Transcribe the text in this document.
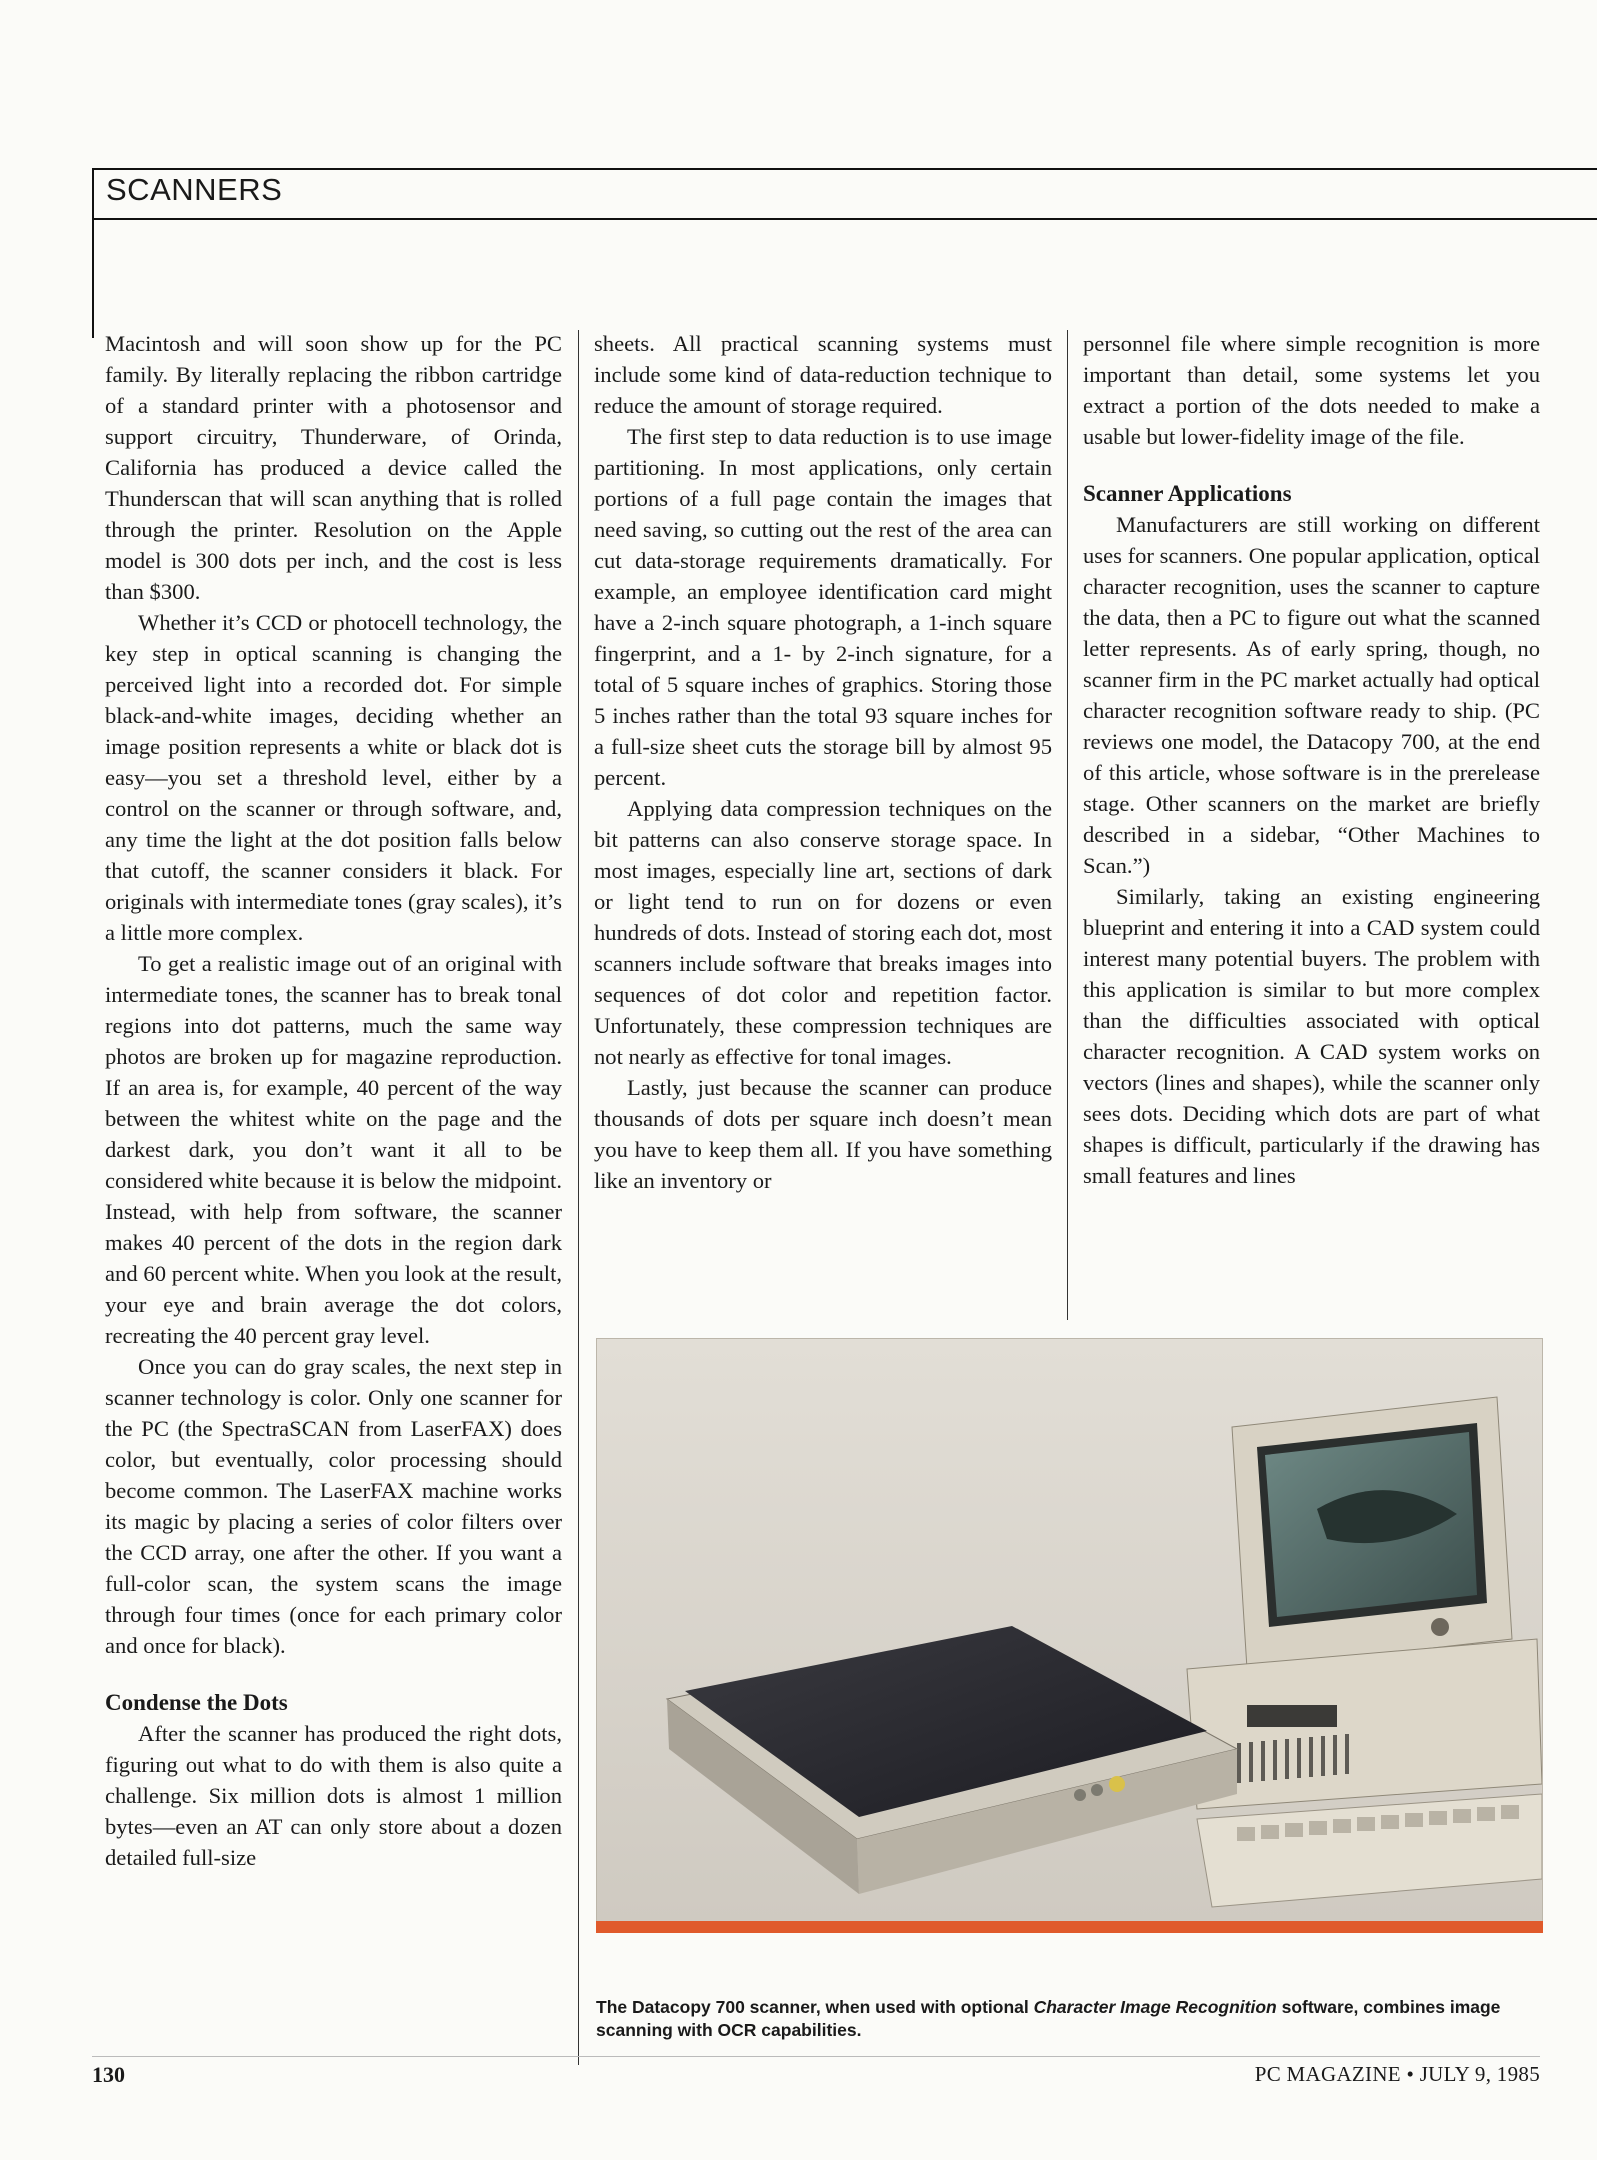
SCANNERS

Macintosh and will soon show up for the PC family. By literally replacing the ribbon cartridge of a standard printer with a photosensor and support circuitry, Thunderware, of Orinda, California has produced a device called the Thunderscan that will scan anything that is rolled through the printer. Resolution on the Apple model is 300 dots per inch, and the cost is less than $300.

Whether it’s CCD or photocell technology, the key step in optical scanning is changing the perceived light into a recorded dot. For simple black-and-white images, deciding whether an image position represents a white or black dot is easy—you set a threshold level, either by a control on the scanner or through software, and, any time the light at the dot position falls below that cutoff, the scanner considers it black. For originals with intermediate tones (gray scales), it’s a little more complex.

To get a realistic image out of an original with intermediate tones, the scanner has to break tonal regions into dot patterns, much the same way photos are broken up for magazine reproduction. If an area is, for example, 40 percent of the way between the whitest white on the page and the darkest dark, you don’t want it all to be considered white because it is below the midpoint. Instead, with help from software, the scanner makes 40 percent of the dots in the region dark and 60 percent white. When you look at the result, your eye and brain average the dot colors, recreating the 40 percent gray level.

Once you can do gray scales, the next step in scanner technology is color. Only one scanner for the PC (the SpectraSCAN from LaserFAX) does color, but eventually, color processing should become common. The LaserFAX machine works its magic by placing a series of color filters over the CCD array, one after the other. If you want a full-color scan, the system scans the image through four times (once for each primary color and once for black).

Condense the Dots

After the scanner has produced the right dots, figuring out what to do with them is also quite a challenge. Six million dots is almost 1 million bytes—even an AT can only store about a dozen detailed full-size

sheets. All practical scanning systems must include some kind of data-reduction technique to reduce the amount of storage required.

The first step to data reduction is to use image partitioning. In most applications, only certain portions of a full page contain the images that need saving, so cutting out the rest of the area can cut data-storage requirements dramatically. For example, an employee identification card might have a 2-inch square photograph, a 1-inch square fingerprint, and a 1- by 2-inch signature, for a total of 5 square inches of graphics. Storing those 5 inches rather than the total 93 square inches for a full-size sheet cuts the storage bill by almost 95 percent.

Applying data compression techniques on the bit patterns can also conserve storage space. In most images, especially line art, sections of dark or light tend to run on for dozens or even hundreds of dots. Instead of storing each dot, most scanners include software that breaks images into sequences of dot color and repetition factor. Unfortunately, these compression techniques are not nearly as effective for tonal images.

Lastly, just because the scanner can produce thousands of dots per square inch doesn’t mean you have to keep them all. If you have something like an inventory or

personnel file where simple recognition is more important than detail, some systems let you extract a portion of the dots needed to make a usable but lower-fidelity image of the file.

Scanner Applications

Manufacturers are still working on different uses for scanners. One popular application, optical character recognition, uses the scanner to capture the data, then a PC to figure out what the scanned letter represents. As of early spring, though, no scanner firm in the PC market actually had optical character recognition software ready to ship. (PC reviews one model, the Datacopy 700, at the end of this article, whose software is in the prerelease stage. Other scanners on the market are briefly described in a sidebar, “Other Machines to Scan.”)

Similarly, taking an existing engineering blueprint and entering it into a CAD system could interest many potential buyers. The problem with this application is similar to but more complex than the difficulties associated with optical character recognition. A CAD system works on vectors (lines and shapes), while the scanner only sees dots. Deciding which dots are part of what shapes is difficult, particularly if the drawing has small features and lines

The Datacopy 700 scanner, when used with optional Character Image Recognition software, combines image scanning with OCR capabilities.
130	PC MAGAZINE • JULY 9, 1985
